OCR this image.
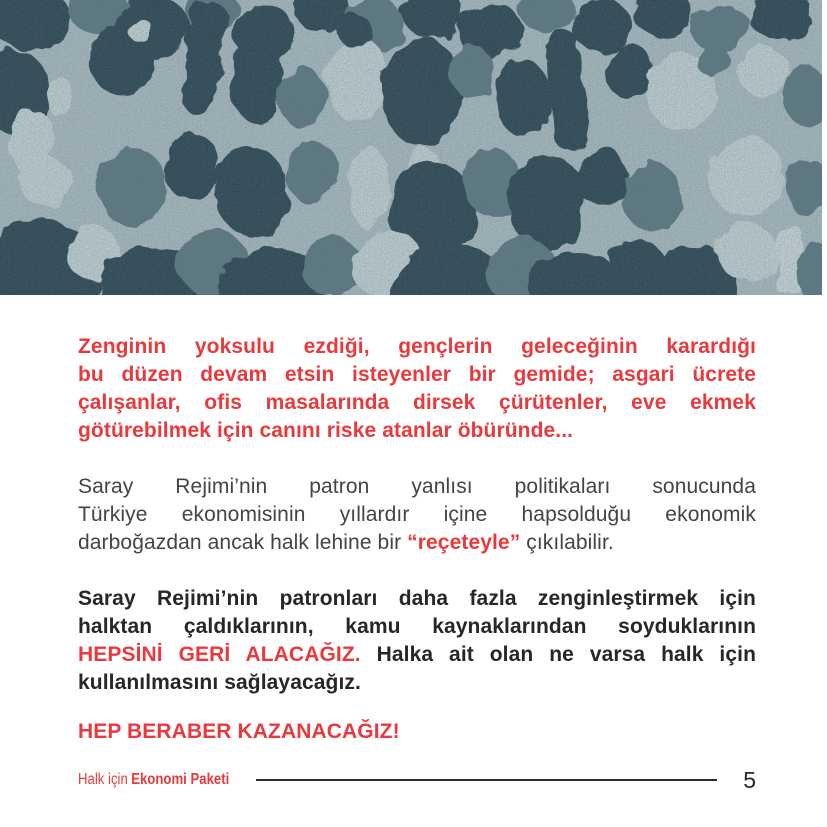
Zenginin yoksulu ezdiği, gençlerin geleceğinin karardığı
bu düzen devam etsin isteyenler bir gemide; asgari ücrete
çalışanlar, ofis masalarında dirsek çürütenler, eve ekmek
götürebilmek için canını riske atanlar öbüründe...

Saray Rejimi’nin patron yanlısı politikaları sonucunda
Türkiye ekonomisinin yıllardır içine hapsolduğu ekonomik
darboğazdan ancak halk lehine bir “reçeteyle” çıkılabilir.

Saray Rejimi’nin patronları daha fazla zenginleştirmek için
halktan çaldıklarının, kamu kaynaklarından soyduklarının
HEPSİNİ GERİ ALACAĞIZ. Halka ait olan ne varsa halk için
kullanılmasını sağlayacağız.

HEP BERABER KAZANACAĞIZ!

Halk için Ekonomi Paketi	5
